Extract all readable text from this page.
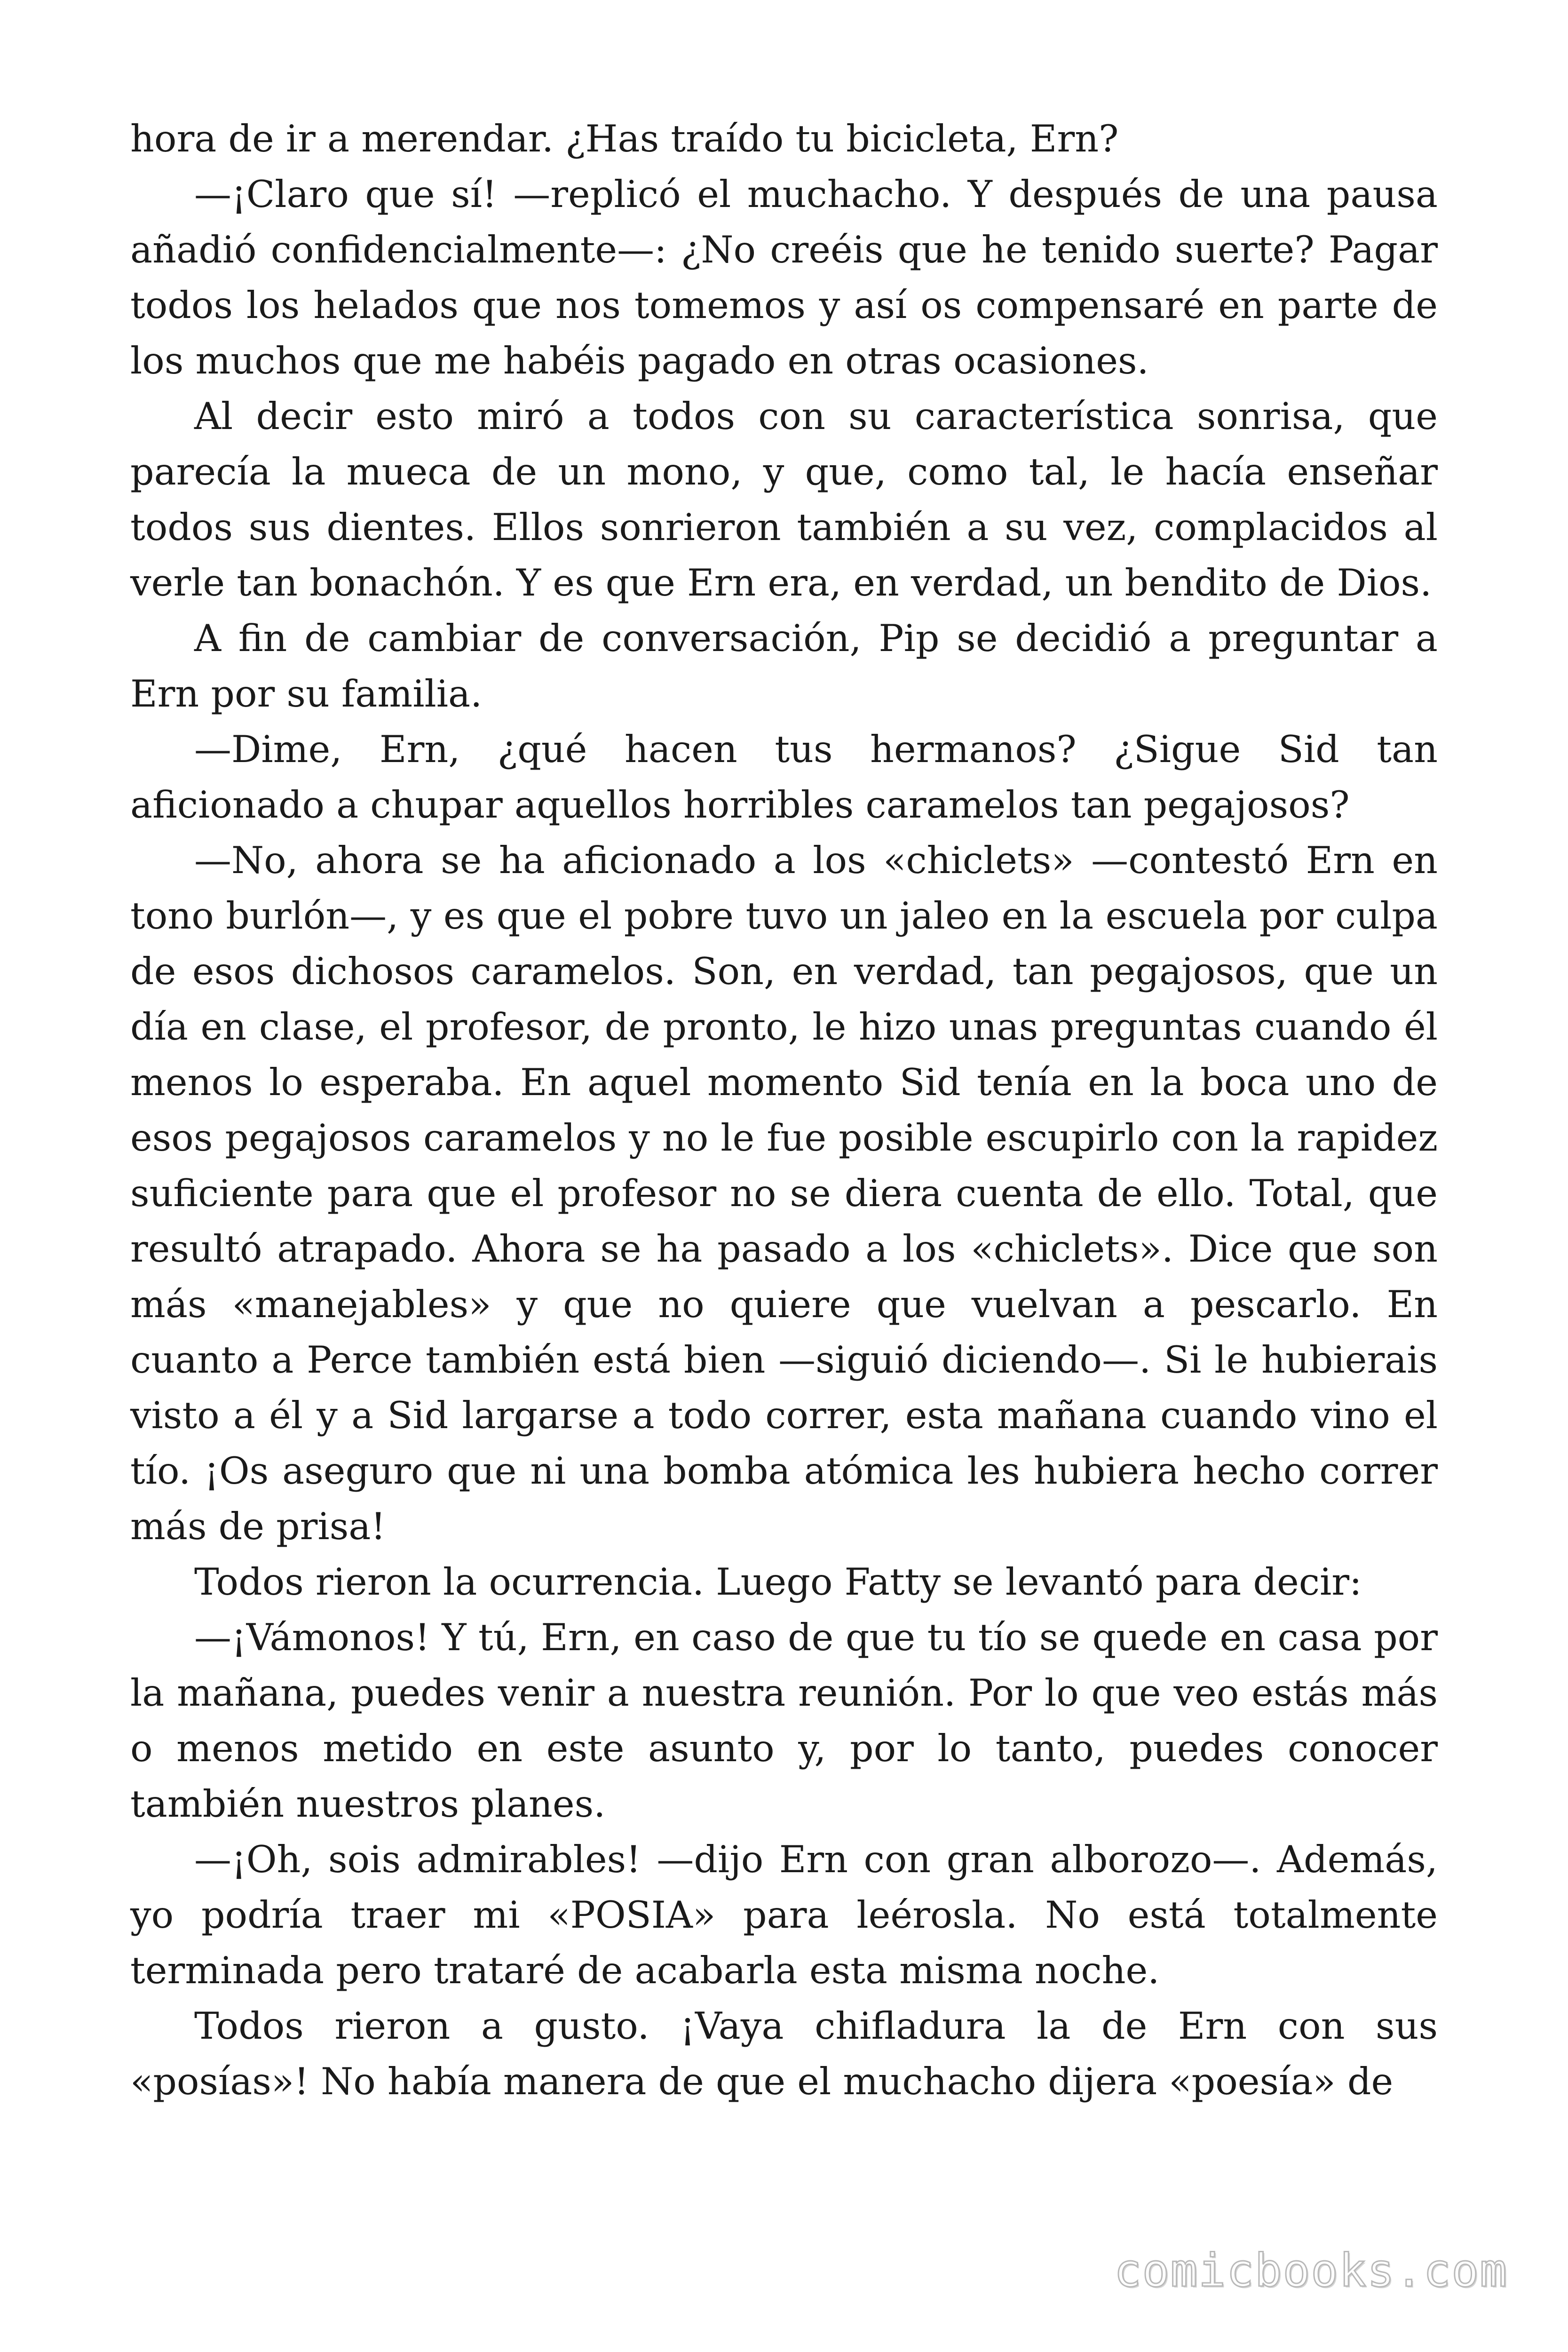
hora de ir a merendar. ¿Has traído tu bicicleta, Ern?

—¡Claro que sí! —replicó el muchacho. Y después de una pausa añadió confidencialmente—: ¿No creéis que he tenido suerte? Pagar todos los helados que nos tomemos y así os compensaré en parte de los muchos que me habéis pagado en otras ocasiones.

Al decir esto miró a todos con su característica sonrisa, que parecía la mueca de un mono, y que, como tal, le hacía enseñar todos sus dientes. Ellos sonrieron también a su vez, complacidos al verle tan bonachón. Y es que Ern era, en verdad, un bendito de Dios.

A fin de cambiar de conversación, Pip se decidió a preguntar a Ern por su familia.

—Dime, Ern, ¿qué hacen tus hermanos? ¿Sigue Sid tan aficionado a chupar aquellos horribles caramelos tan pegajosos?

—No, ahora se ha aficionado a los «chiclets» —contestó Ern en tono burlón—, y es que el pobre tuvo un jaleo en la escuela por culpa de esos dichosos caramelos. Son, en verdad, tan pegajosos, que un día en clase, el profesor, de pronto, le hizo unas preguntas cuando él menos lo esperaba. En aquel momento Sid tenía en la boca uno de esos pegajosos caramelos y no le fue posible escupirlo con la rapidez suficiente para que el profesor no se diera cuenta de ello. Total, que resultó atrapado. Ahora se ha pasado a los «chiclets». Dice que son más «manejables» y que no quiere que vuelvan a pescarlo. En cuanto a Perce también está bien —siguió diciendo—. Si le hubierais visto a él y a Sid largarse a todo correr, esta mañana cuando vino el tío. ¡Os aseguro que ni una bomba atómica les hubiera hecho correr más de prisa!

Todos rieron la ocurrencia. Luego Fatty se levantó para decir:

—¡Vámonos! Y tú, Ern, en caso de que tu tío se quede en casa por la mañana, puedes venir a nuestra reunión. Por lo que veo estás más o menos metido en este asunto y, por lo tanto, puedes conocer también nuestros planes.

—¡Oh, sois admirables! —dijo Ern con gran alborozo—. Además, yo podría traer mi «POSIA» para leérosla. No está totalmente terminada pero trataré de acabarla esta misma noche.

Todos rieron a gusto. ¡Vaya chifladura la de Ern con sus «posías»! No había manera de que el muchacho dijera «poesía» de

comicbooks.com
